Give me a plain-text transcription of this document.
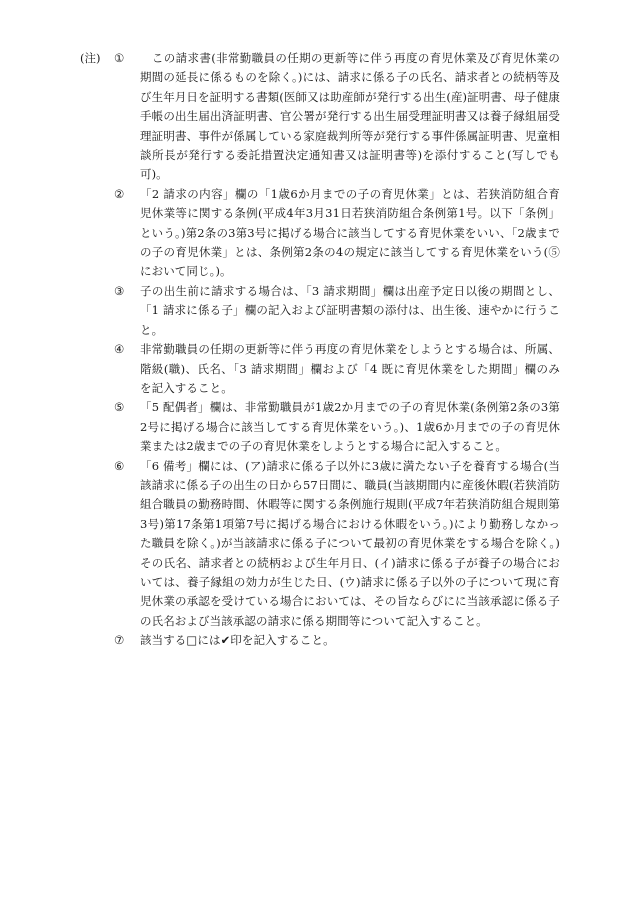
(注) ①	　この請求書(非常勤職員の任期の更新等に伴う再度の育児休業及び育児休業の期間の延長に係るものを除く。)には、請求に係る子の氏名、請求者との続柄等及び生年月日を証明する書類(医師又は助産師が発行する出生(産)証明書、母子健康手帳の出生届出済証明書、官公署が発行する出生届受理証明書又は養子縁組届受理証明書、事件が係属している家庭裁判所等が発行する事件係属証明書、児童相談所長が発行する委託措置決定通知書又は証明書等)を添付すること(写しでも可)。
②	「2 請求の内容」欄の「1歳6か月までの子の育児休業」とは、若狭消防組合育児休業等に関する条例(平成4年3月31日若狭消防組合条例第1号。以下「条例」という。)第2条の3第3号に掲げる場合に該当してする育児休業をいい、「2歳までの子の育児休業」とは、条例第2条の4の規定に該当してする育児休業をいう(⑤において同じ。)。
③	子の出生前に請求する場合は、「3 請求期間」欄は出産予定日以後の期間とし、「1 請求に係る子」欄の記入および証明書類の添付は、出生後、速やかに行うこと。
④	非常勤職員の任期の更新等に伴う再度の育児休業をしようとする場合は、所属、階級(職)、氏名、「3 請求期間」欄および「4 既に育児休業をした期間」欄のみを記入すること。
⑤	「5 配偶者」欄は、非常勤職員が1歳2か月までの子の育児休業(条例第2条の3第2号に掲げる場合に該当してする育児休業をいう。)、1歳6か月までの子の育児休業または2歳までの子の育児休業をしようとする場合に記入すること。
⑥	「6 備考」欄には、(ア)請求に係る子以外に3歳に満たない子を養育する場合(当該請求に係る子の出生の日から57日間に、職員(当該期間内に産後休暇(若狭消防組合職員の勤務時間、休暇等に関する条例施行規則(平成7年若狭消防組合規則第3号)第17条第1項第7号に掲げる場合における休暇をいう。)により勤務しなかった職員を除く。)が当該請求に係る子について最初の育児休業をする場合を除く。)その氏名、請求者との続柄および生年月日、(イ)請求に係る子が養子の場合においては、養子縁組の効力が生じた日、(ウ)請求に係る子以外の子について現に育児休業の承認を受けている場合においては、その旨ならびにに当該承認に係る子の氏名および当該承認の請求に係る期間等について記入すること。
⑦	該当する□には✔印を記入すること。
